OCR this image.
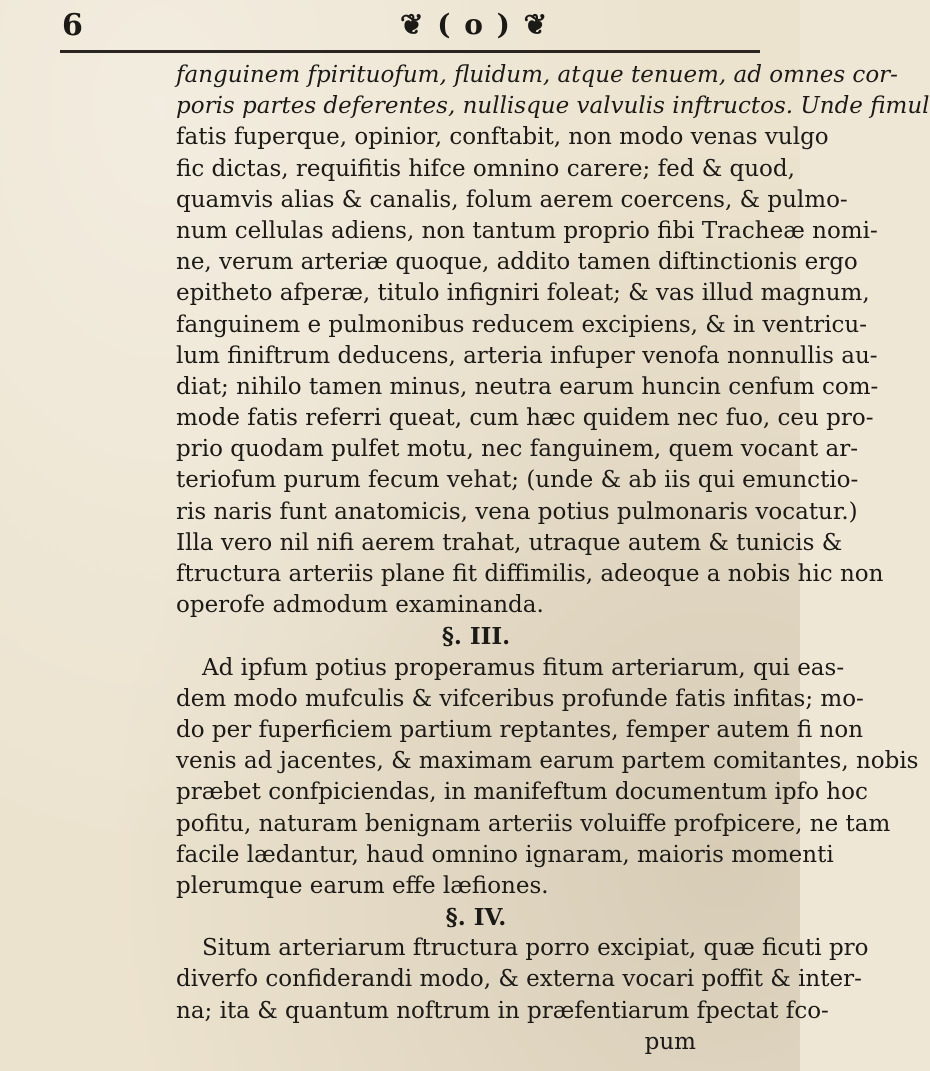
6	❦ ( o ) ❦
fanguinem fpirituofum, fluidum, atque tenuem, ad omnes cor-
poris partes deferentes, nullisque valvulis inftructos. Unde fimul
fatis fuperque, opinior, conftabit, non modo venas vulgo
fic dictas, requifitis hifce omnino carere; fed & quod,
quamvis alias & canalis, folum aerem coercens, & pulmo-
num cellulas adiens, non tantum proprio fibi Tracheæ nomi-
ne, verum arteriæ quoque, addito tamen diftinctionis ergo
epitheto afperæ, titulo infigniri foleat; & vas illud magnum,
fanguinem e pulmonibus reducem excipiens, & in ventricu-
lum finiftrum deducens, arteria infuper venofa nonnullis au-
diat; nihilo tamen minus, neutra earum huncin cenfum com-
mode fatis referri queat, cum hæc quidem nec fuo, ceu pro-
prio quodam pulfet motu, nec fanguinem, quem vocant ar-
teriofum purum fecum vehat; (unde & ab iis qui emunctio-
ris naris funt anatomicis, vena potius pulmonaris vocatur.)
Illa vero nil nifi aerem trahat, utraque autem & tunicis &
ftructura arteriis plane fit diffimilis, adeoque a nobis hic non
operofe admodum examinanda.
§. III.
Ad ipfum potius properamus fitum arteriarum, qui eas-
dem modo mufculis & vifceribus profunde fatis infitas; mo-
do per fuperficiem partium reptantes, femper autem fi non
venis ad jacentes, & maximam earum partem comitantes, nobis
præbet confpiciendas, in manifeftum documentum ipfo hoc
pofitu, naturam benignam arteriis voluiffe profpicere, ne tam
facile lædantur, haud omnino ignaram, maioris momenti
plerumque earum effe læfiones.
§. IV.
Situm arteriarum ftructura porro excipiat, quæ ficuti pro
diverfo confiderandi modo, & externa vocari poffit & inter-
na; ita & quantum noftrum in præfentiarum fpectat fco-
pum
